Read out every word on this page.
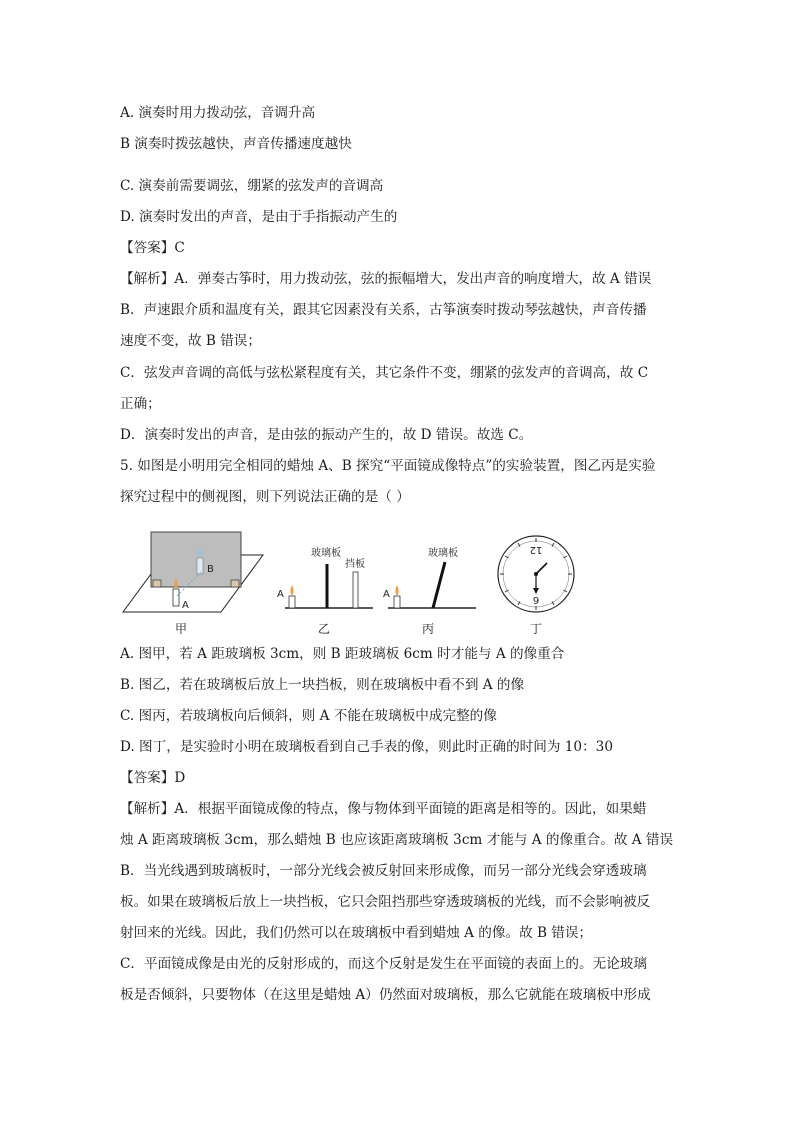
A. 演奏时用力拨动弦，音调升高
B 演奏时拨弦越快，声音传播速度越快
C. 演奏前需要调弦，绷紧的弦发声的音调高
D. 演奏时发出的声音，是由于手指振动产生的
【答案】C
【解析】A．弹奏古筝时，用力拨动弦，弦的振幅增大，发出声音的响度增大，故 A 错误
B．声速跟介质和温度有关，跟其它因素没有关系，古筝演奏时拨动琴弦越快，声音传播
速度不变，故 B 错误；
C．弦发声音调的高低与弦松紧程度有关，其它条件不变，绷紧的弦发声的音调高，故 C
正确；
D．演奏时发出的声音，是由弦的振动产生的，故 D 错误。故选 C。
5. 如图是小明用完全相同的蜡烛 A、B 探究“平面镜成像特点”的实验装置，图乙丙是实验
探究过程中的侧视图，则下列说法正确的是（ ）
A
B
A
玻璃板
挡板
A
玻璃板	12
6
甲	乙	丙	丁
A. 图甲，若 A 距玻璃板 3cm，则 B 距玻璃板 6cm 时才能与 A 的像重合
B. 图乙，若在玻璃板后放上一块挡板，则在玻璃板中看不到 A 的像
C. 图丙，若玻璃板向后倾斜，则 A 不能在玻璃板中成完整的像
D. 图丁，是实验时小明在玻璃板看到自己手表的像，则此时正确的时间为 10：30
【答案】D
【解析】A．根据平面镜成像的特点，像与物体到平面镜的距离是相等的。因此，如果蜡
烛 A 距离玻璃板 3cm，那么蜡烛 B 也应该距离玻璃板 3cm 才能与 A 的像重合。故 A 错误
B．当光线遇到玻璃板时，一部分光线会被反射回来形成像，而另一部分光线会穿透玻璃
板。如果在玻璃板后放上一块挡板，它只会阻挡那些穿透玻璃板的光线，而不会影响被反
射回来的光线。因此，我们仍然可以在玻璃板中看到蜡烛 A 的像。故 B 错误；
C．平面镜成像是由光的反射形成的，而这个反射是发生在平面镜的表面上的。无论玻璃
板是否倾斜，只要物体（在这里是蜡烛 A）仍然面对玻璃板，那么它就能在玻璃板中形成
